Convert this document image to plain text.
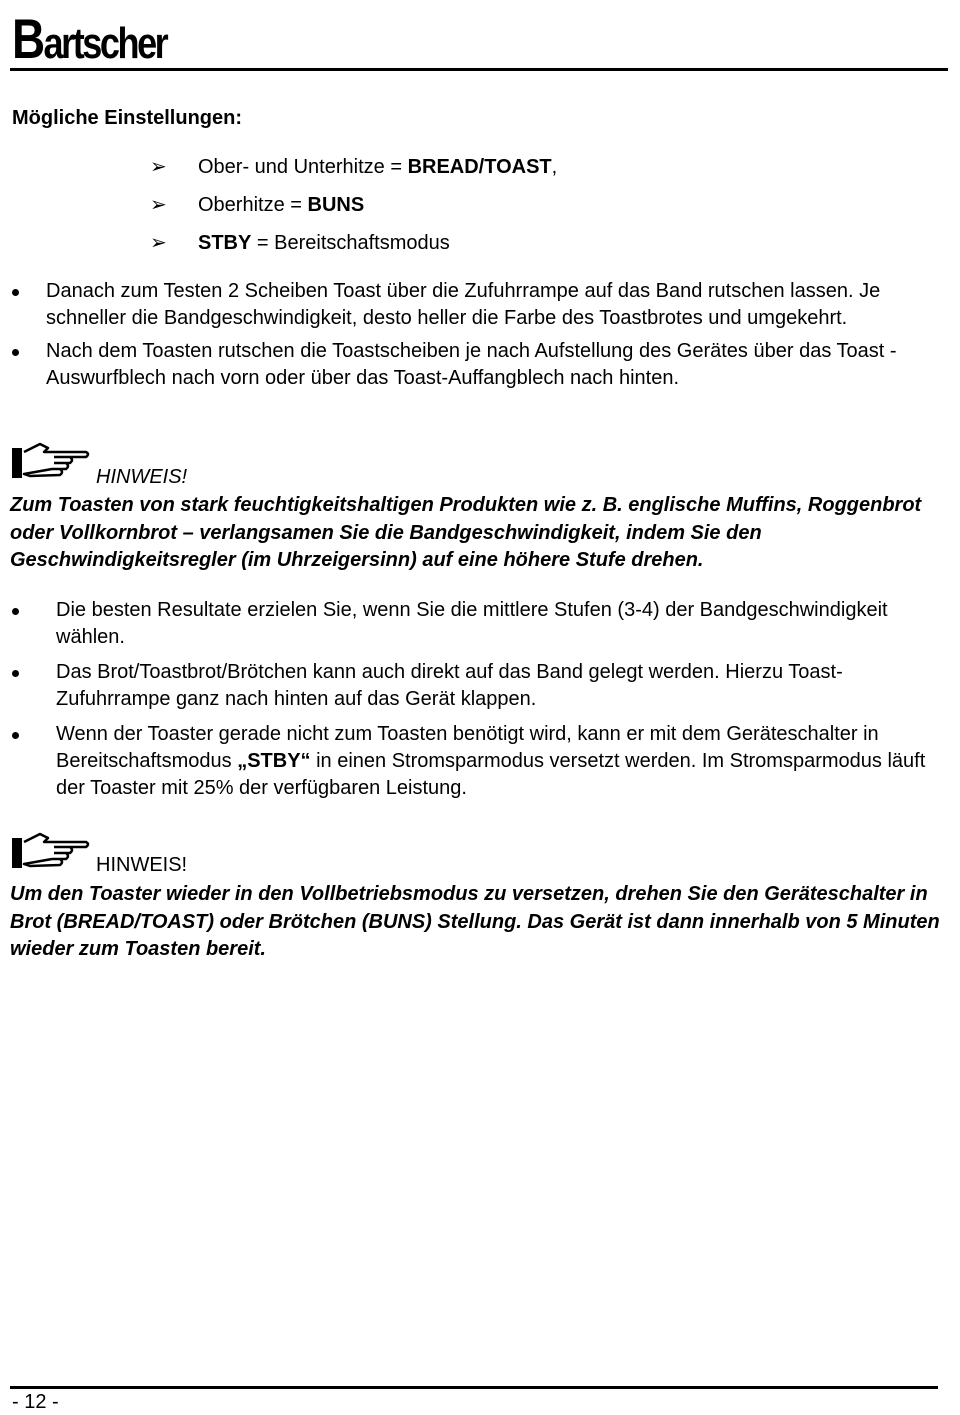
Bartscher
Mögliche Einstellungen:
➢ Ober- und Unterhitze = BREAD/TOAST,
➢ Oberhitze = BUNS
➢ STBY = Bereitschaftsmodus
Danach zum Testen 2 Scheiben Toast über die Zufuhrrampe auf das Band rutschen lassen. Je schneller die Bandgeschwindigkeit, desto heller die Farbe des Toastbrotes und umgekehrt.
Nach dem Toasten rutschen die Toastscheiben je nach Aufstellung des Gerätes über das Toast -Auswurfblech nach vorn oder über das Toast-Auffangblech nach hinten.
HINWEIS!
Zum Toasten von stark feuchtigkeitshaltigen Produkten wie z. B. englische Muffins, Roggenbrot oder Vollkornbrot – verlangsamen Sie die Bandgeschwindigkeit, indem Sie den Geschwindigkeitsregler (im Uhrzeigersinn) auf eine höhere Stufe drehen.
Die besten Resultate erzielen Sie, wenn Sie die mittlere Stufen (3-4) der Bandgeschwindigkeit wählen.
Das Brot/Toastbrot/Brötchen kann auch direkt auf das Band gelegt werden. Hierzu Toast-Zufuhrrampe ganz nach hinten auf das Gerät klappen.
Wenn der Toaster gerade nicht zum Toasten benötigt wird, kann er mit dem Geräteschalter in Bereitschaftsmodus „STBY“ in einen Stromsparmodus versetzt werden. Im Stromsparmodus läuft der Toaster mit 25% der verfügbaren Leistung.
HINWEIS!
Um den Toaster wieder in den Vollbetriebsmodus zu versetzen, drehen Sie den Geräteschalter in Brot (BREAD/TOAST) oder Brötchen (BUNS) Stellung. Das Gerät ist dann innerhalb von 5 Minuten wieder zum Toasten bereit.
- 12 -
